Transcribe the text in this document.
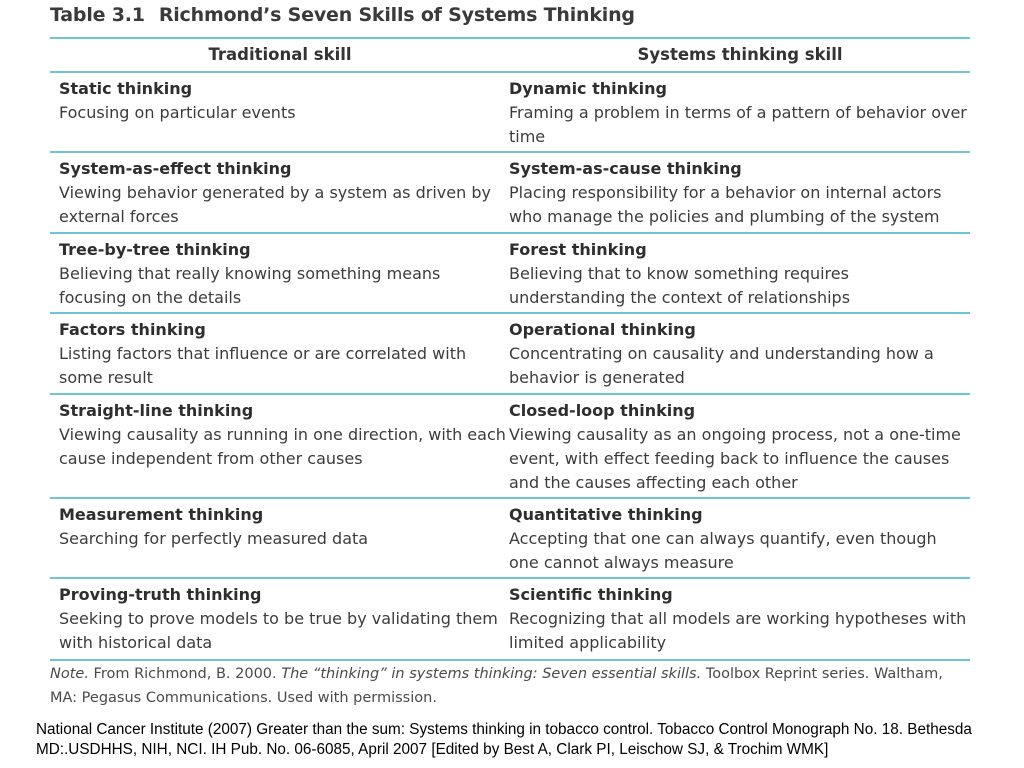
Table 3.1 Richmond’s Seven Skills of Systems Thinking
Traditional skill	Systems thinking skill
Static thinking
Focusing on particular events
Dynamic thinking
Framing a problem in terms of a pattern of behavior over time
System-as-effect thinking
Viewing behavior generated by a system as driven by external forces
System-as-cause thinking
Placing responsibility for a behavior on internal actors who manage the policies and plumbing of the system
Tree-by-tree thinking
Believing that really knowing something means focusing on the details
Forest thinking
Believing that to know something requires understanding the context of relationships
Factors thinking
Listing factors that influence or are correlated with some result
Operational thinking
Concentrating on causality and understanding how a behavior is generated
Straight-line thinking
Viewing causality as running in one direction, with each cause independent from other causes
Closed-loop thinking
Viewing causality as an ongoing process, not a one-time event, with effect feeding back to influence the causes and the causes affecting each other
Measurement thinking
Searching for perfectly measured data
Quantitative thinking
Accepting that one can always quantify, even though one cannot always measure
Proving-truth thinking
Seeking to prove models to be true by validating them with historical data
Scientific thinking
Recognizing that all models are working hypotheses with limited applicability
Note. From Richmond, B. 2000. The “thinking” in systems thinking: Seven essential skills. Toolbox Reprint series. Waltham, MA: Pegasus Communications. Used with permission.
National Cancer Institute (2007) Greater than the sum: Systems thinking in tobacco control. Tobacco Control Monograph No. 18. Bethesda MD:.USDHHS, NIH, NCI. IH Pub. No. 06-6085, April 2007 [Edited by Best A, Clark PI, Leischow SJ, & Trochim WMK]
